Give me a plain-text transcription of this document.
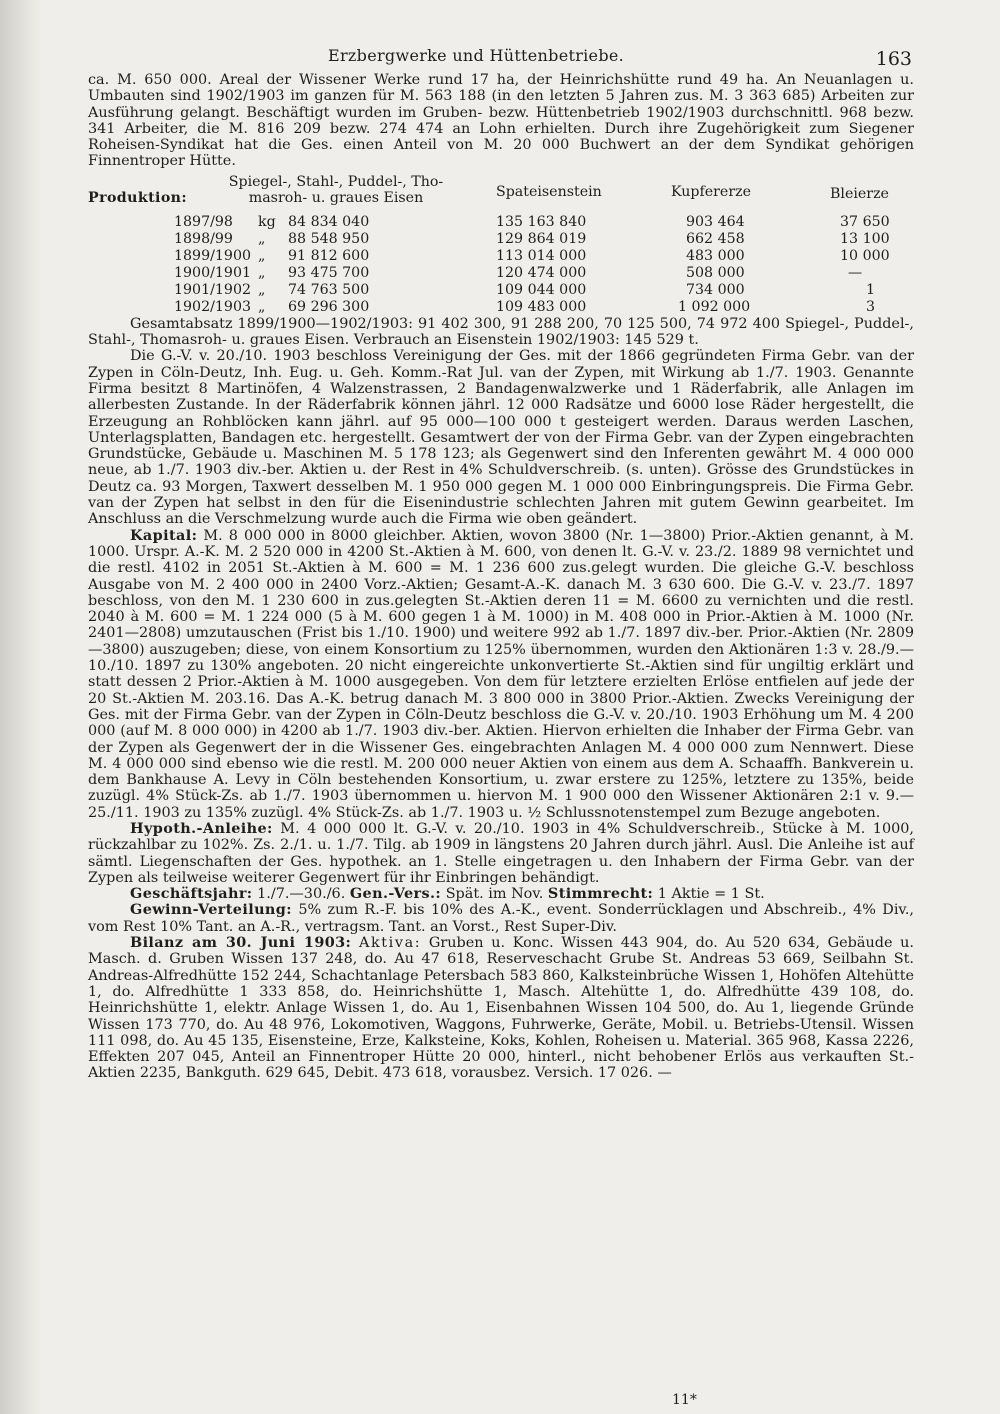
Erzbergwerke und Hüttenbetriebe.	163

ca. M. 650 000. Areal der Wissener Werke rund 17 ha, der Heinrichshütte rund 49 ha. An Neuanlagen u. Umbauten sind 1902/1903 im ganzen für M. 563 188 (in den letzten 5 Jahren zus. M. 3 363 685) Arbeiten zur Ausführung gelangt. Beschäftigt wurden im Gruben- bezw. Hüttenbetrieb 1902/1903 durchschnittl. 968 bezw. 341 Arbeiter, die M. 816 209 bezw. 274 474 an Lohn erhielten. Durch ihre Zugehörigkeit zum Siegener Roheisen-Syndikat hat die Ges. einen Anteil von M. 20 000 Buchwert an der dem Syndikat gehörigen Finnentroper Hütte.

Produktion:
Spiegel-, Stahl-, Puddel-, Tho-
masroh- u. graues Eisen	Spateisenstein	Kupfererze	Bleierze
1897/98 kg 84 834 040	135 163 840	903 464	37 650
1898/99 „ 88 548 950	129 864 019	662 458	13 100
1899/1900 „ 91 812 600	113 014 000	483 000	10 000
1900/1901 „ 93 475 700	120 474 000	508 000	—
1901/1902 „ 74 763 500	109 044 000	734 000	1
1902/1903 „ 69 296 300	109 483 000	1 092 000	3

Gesamtabsatz 1899/1900—1902/1903: 91 402 300, 91 288 200, 70 125 500, 74 972 400 Spiegel-, Puddel-, Stahl-, Thomasroh- u. graues Eisen. Verbrauch an Eisenstein 1902/1903: 145 529 t.

Die G.-V. v. 20./10. 1903 beschloss Vereinigung der Ges. mit der 1866 gegründeten Firma Gebr. van der Zypen in Cöln-Deutz, Inh. Eug. u. Geh. Komm.-Rat Jul. van der Zypen, mit Wirkung ab 1./7. 1903. Genannte Firma besitzt 8 Martinöfen, 4 Walzenstrassen, 2 Bandagenwalzwerke und 1 Räderfabrik, alle Anlagen im allerbesten Zustande. In der Räderfabrik können jährl. 12 000 Radsätze und 6000 lose Räder hergestellt, die Erzeugung an Rohblöcken kann jährl. auf 95 000—100 000 t gesteigert werden. Daraus werden Laschen, Unterlagsplatten, Bandagen etc. hergestellt. Gesamtwert der von der Firma Gebr. van der Zypen eingebrachten Grundstücke, Gebäude u. Maschinen M. 5 178 123; als Gegenwert sind den Inferenten gewährt M. 4 000 000 neue, ab 1./7. 1903 div.-ber. Aktien u. der Rest in 4% Schuldverschreib. (s. unten). Grösse des Grundstückes in Deutz ca. 93 Morgen, Taxwert desselben M. 1 950 000 gegen M. 1 000 000 Einbringungspreis. Die Firma Gebr. van der Zypen hat selbst in den für die Eisenindustrie schlechten Jahren mit gutem Gewinn gearbeitet. Im Anschluss an die Verschmelzung wurde auch die Firma wie oben geändert.

Kapital: M. 8 000 000 in 8000 gleichber. Aktien, wovon 3800 (Nr. 1—3800) Prior.-Aktien genannt, à M. 1000. Urspr. A.-K. M. 2 520 000 in 4200 St.-Aktien à M. 600, von denen lt. G.-V. v. 23./2. 1889 98 vernichtet und die restl. 4102 in 2051 St.-Aktien à M. 600 = M. 1 236 600 zus.gelegt wurden. Die gleiche G.-V. beschloss Ausgabe von M. 2 400 000 in 2400 Vorz.-Aktien; Gesamt-A.-K. danach M. 3 630 600. Die G.-V. v. 23./7. 1897 beschloss, von den M. 1 230 600 in zus.gelegten St.-Aktien deren 11 = M. 6600 zu vernichten und die restl. 2040 à M. 600 = M. 1 224 000 (5 à M. 600 gegen 1 à M. 1000) in M. 408 000 in Prior.-Aktien à M. 1000 (Nr. 2401—2808) umzutauschen (Frist bis 1./10. 1900) und weitere 992 ab 1./7. 1897 div.-ber. Prior.-Aktien (Nr. 2809—3800) auszugeben; diese, von einem Konsortium zu 125% übernommen, wurden den Aktionären 1:3 v. 28./9.—10./10. 1897 zu 130% angeboten. 20 nicht eingereichte unkonvertierte St.-Aktien sind für ungiltig erklärt und statt dessen 2 Prior.-Aktien à M. 1000 ausgegeben. Von dem für letztere erzielten Erlöse entfielen auf jede der 20 St.-Aktien M. 203.16. Das A.-K. betrug danach M. 3 800 000 in 3800 Prior.-Aktien. Zwecks Vereinigung der Ges. mit der Firma Gebr. van der Zypen in Cöln-Deutz beschloss die G.-V. v. 20./10. 1903 Erhöhung um M. 4 200 000 (auf M. 8 000 000) in 4200 ab 1./7. 1903 div.-ber. Aktien. Hiervon erhielten die Inhaber der Firma Gebr. van der Zypen als Gegenwert der in die Wissener Ges. eingebrachten Anlagen M. 4 000 000 zum Nennwert. Diese M. 4 000 000 sind ebenso wie die restl. M. 200 000 neuer Aktien von einem aus dem A. Schaaffh. Bankverein u. dem Bankhause A. Levy in Cöln bestehenden Konsortium, u. zwar erstere zu 125%, letztere zu 135%, beide zuzügl. 4% Stück-Zs. ab 1./7. 1903 übernommen u. hiervon M. 1 900 000 den Wissener Aktionären 2:1 v. 9.—25./11. 1903 zu 135% zuzügl. 4% Stück-Zs. ab 1./7. 1903 u. ½ Schlussnotenstempel zum Bezuge angeboten.

Hypoth.-Anleihe: M. 4 000 000 lt. G.-V. v. 20./10. 1903 in 4% Schuldverschreib., Stücke à M. 1000, rückzahlbar zu 102%. Zs. 2./1. u. 1./7. Tilg. ab 1909 in längstens 20 Jahren durch jährl. Ausl. Die Anleihe ist auf sämtl. Liegenschaften der Ges. hypothek. an 1. Stelle eingetragen u. den Inhabern der Firma Gebr. van der Zypen als teilweise weiterer Gegenwert für ihr Einbringen behändigt.

Geschäftsjahr: 1./7.—30./6. Gen.-Vers.: Spät. im Nov. Stimmrecht: 1 Aktie = 1 St.

Gewinn-Verteilung: 5% zum R.-F. bis 10% des A.-K., event. Sonderrücklagen und Abschreib., 4% Div., vom Rest 10% Tant. an A.-R., vertragsm. Tant. an Vorst., Rest Super-Div.

Bilanz am 30. Juni 1903: Aktiva: Gruben u. Konc. Wissen 443 904, do. Au 520 634, Gebäude u. Masch. d. Gruben Wissen 137 248, do. Au 47 618, Reserveschacht Grube St. Andreas 53 669, Seilbahn St. Andreas-Alfredhütte 152 244, Schachtanlage Petersbach 583 860, Kalksteinbrüche Wissen 1, Hohöfen Altehütte 1, do. Alfredhütte 1 333 858, do. Heinrichshütte 1, Masch. Altehütte 1, do. Alfredhütte 439 108, do. Heinrichshütte 1, elektr. Anlage Wissen 1, do. Au 1, Eisenbahnen Wissen 104 500, do. Au 1, liegende Gründe Wissen 173 770, do. Au 48 976, Lokomotiven, Waggons, Fuhrwerke, Geräte, Mobil. u. Betriebs-Utensil. Wissen 111 098, do. Au 45 135, Eisensteine, Erze, Kalksteine, Koks, Kohlen, Roheisen u. Material. 365 968, Kassa 2226, Effekten 207 045, Anteil an Finnentroper Hütte 20 000, hinterl., nicht behobener Erlös aus verkauften St.-Aktien 2235, Bankguth. 629 645, Debit. 473 618, vorausbez. Versich. 17 026. —

11*
